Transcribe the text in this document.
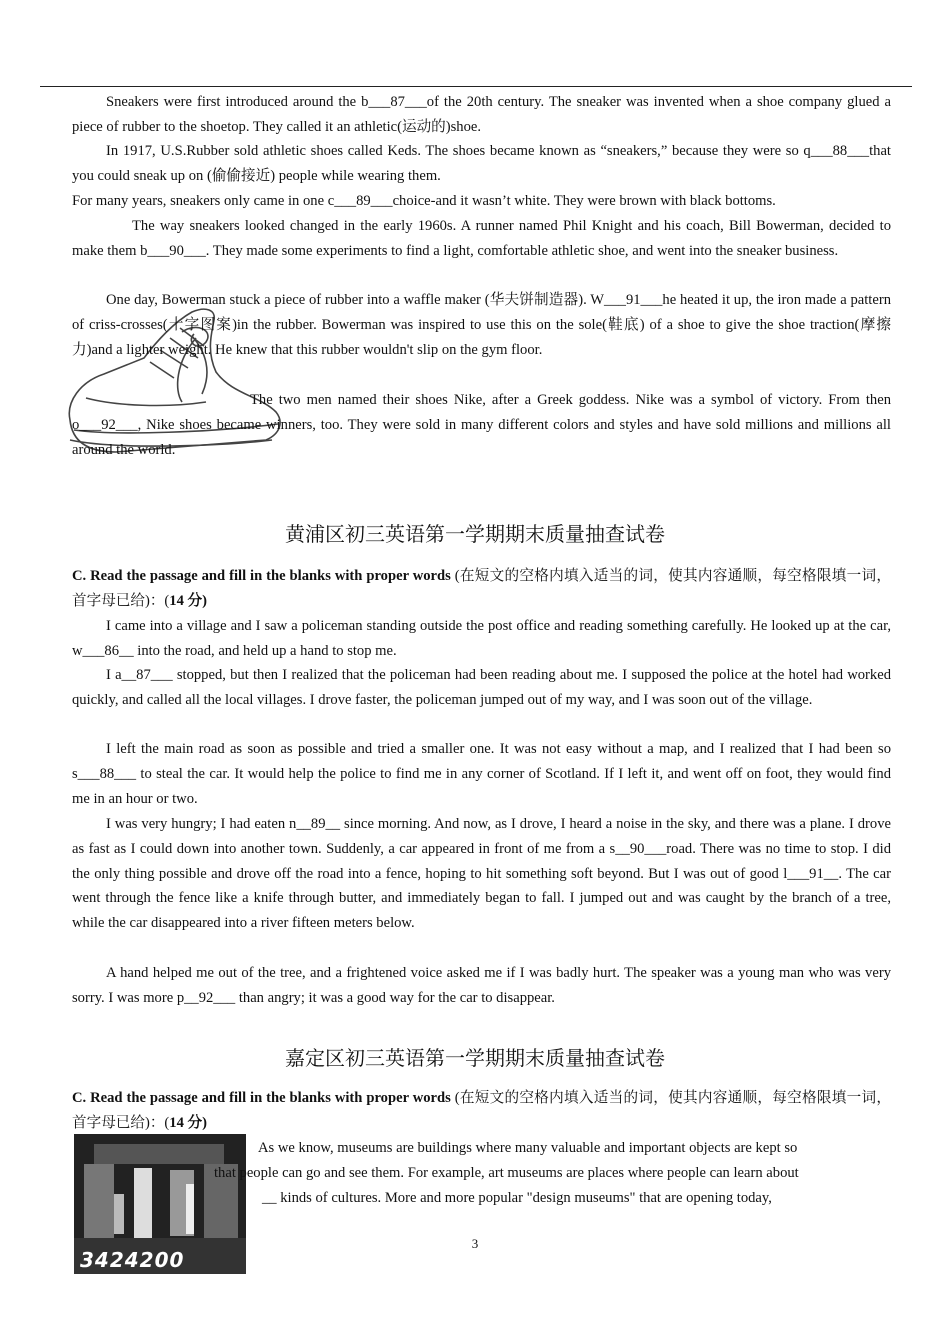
Sneakers were first introduced around the b___87___of the 20th century. The sneaker was invented when a shoe company glued a piece of rubber to the shoetop. They called it an athletic(运动的)shoe.

In 1917, U.S.Rubber sold athletic shoes called Keds. The shoes became known as “sneakers,” because they were so q___88___that you could sneak up on (偷偷接近) people while wearing them.

For many years, sneakers only came in one c___89___choice-and it wasn’t white. They were brown with black bottoms.

The way sneakers looked changed in the early 1960s. A runner named Phil Knight and his coach, Bill Bowerman, decided to make them b___90___. They made some experiments to find a light, comfortable athletic shoe, and went into the sneaker business.

One day, Bowerman stuck a piece of rubber into a waffle maker (华夫饼制造器). W___91___he heated it up, the iron made a pattern of criss-crosses(十字图案)in the rubber. Bowerman was inspired to use this on the sole(鞋底) of a shoe to give the shoe traction(摩擦力)and a lighter weight. He knew that this rubber wouldn't slip on the gym floor.

The two men named their shoes Nike, after a Greek goddess. Nike was a symbol of victory. From then o___92___, Nike shoes became winners, too. They were sold in many different colors and styles and have sold millions and millions all around the world.

黄浦区初三英语第一学期期末质量抽查试卷

C. Read the passage and fill in the blanks with proper words (在短文的空格内填入适当的词，使其内容通顺，每空格限填一词，首字母已给)：(14 分)

I came into a village and I saw a policeman standing outside the post office and reading something carefully. He looked up at the car, w___86__ into the road, and held up a hand to stop me.

I a__87___ stopped, but then I realized that the policeman had been reading about me. I supposed the police at the hotel had worked quickly, and called all the local villages. I drove faster, the policeman jumped out of my way, and I was soon out of the village.

I left the main road as soon as possible and tried a smaller one. It was not easy without a map, and I realized that I had been so s___88___ to steal the car. It would help the police to find me in any corner of Scotland. If I left it, and went off on foot, they would find me in an hour or two.

I was very hungry; I had eaten n__89__ since morning. And now, as I drove, I heard a noise in the sky, and there was a plane. I drove as fast as I could down into another town. Suddenly, a car appeared in front of me from a s__90___road. There was no time to stop. I did the only thing possible and drove off the road into a fence, hoping to hit something soft beyond. But I was out of good l___91__. The car went through the fence like a knife through butter, and immediately began to fall. I jumped out and was caught by the branch of a tree, while the car disappeared into a river fifteen meters below.

A hand helped me out of the tree, and a frightened voice asked me if I was badly hurt. The speaker was a young man who was very sorry. I was more p__92___ than angry; it was a good way for the car to disappear.

嘉定区初三英语第一学期期末质量抽查试卷

C. Read the passage and fill in the blanks with proper words (在短文的空格内填入适当的词，使其内容通顺，每空格限填一词，首字母已给)：(14 分)

3424200

As we know, museums are buildings where many valuable and important objects are kept so

that people can go and see them. For example, art museums are places where people can learn about

__ kinds of cultures. More and more popular "design museums" that are opening today,

3
